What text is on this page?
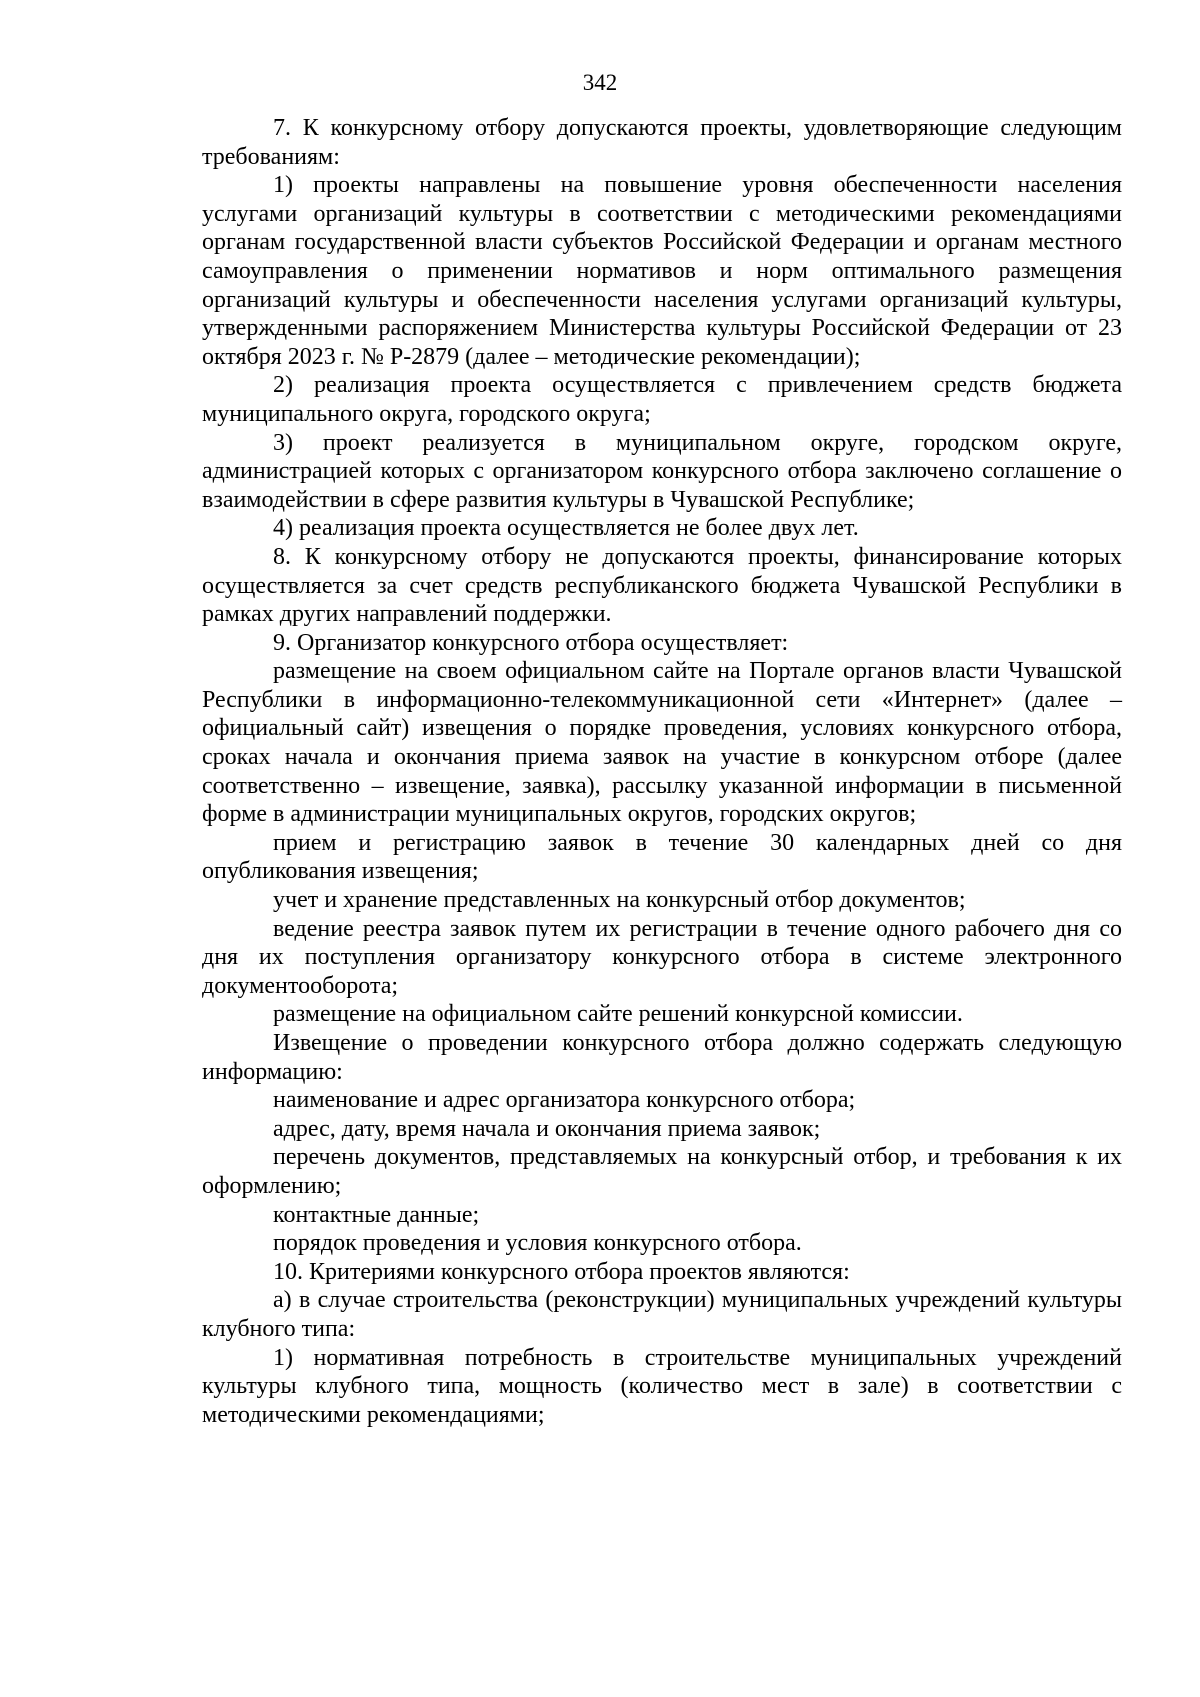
342

7. К конкурсному отбору допускаются проекты, удовлетворяющие следующим требованиям:

1) проекты направлены на повышение уровня обеспеченности населения услугами организаций культуры в соответствии с методическими рекомендациями органам государственной власти субъектов Российской Федерации и органам местного самоуправления о применении нормативов и норм оптимального размещения организаций культуры и обеспеченности населения услугами организаций культуры, утвержденными распоряжением Министерства культуры Российской Федерации от 23 октября 2023 г. № Р-2879 (далее – методические рекомендации);

2) реализация проекта осуществляется с привлечением средств бюджета муниципального округа, городского округа;

3) проект реализуется в муниципальном округе, городском округе, администрацией которых с организатором конкурсного отбора заключено соглашение о взаимодействии в сфере развития культуры в Чувашской Республике;

4) реализация проекта осуществляется не более двух лет.

8. К конкурсному отбору не допускаются проекты, финансирование которых осуществляется за счет средств республиканского бюджета Чувашской Республики в рамках других направлений поддержки.

9. Организатор конкурсного отбора осуществляет:

размещение на своем официальном сайте на Портале органов власти Чувашской Республики в информационно-телекоммуникационной сети «Интернет» (далее – официальный сайт) извещения о порядке проведения, условиях конкурсного отбора, сроках начала и окончания приема заявок на участие в конкурсном отборе (далее соответственно – извещение, заявка), рассылку указанной информации в письменной форме в администрации муниципальных округов, городских округов;

прием и регистрацию заявок в течение 30 календарных дней со дня опубликования извещения;

учет и хранение представленных на конкурсный отбор документов;

ведение реестра заявок путем их регистрации в течение одного рабочего дня со дня их поступления организатору конкурсного отбора в системе электронного документооборота;

размещение на официальном сайте решений конкурсной комиссии.

Извещение о проведении конкурсного отбора должно содержать следующую информацию:

наименование и адрес организатора конкурсного отбора;

адрес, дату, время начала и окончания приема заявок;

перечень документов, представляемых на конкурсный отбор, и требования к их оформлению;

контактные данные;

порядок проведения и условия конкурсного отбора.

10. Критериями конкурсного отбора проектов являются:

а) в случае строительства (реконструкции) муниципальных учреждений культуры клубного типа:

1) нормативная потребность в строительстве муниципальных учреждений культуры клубного типа, мощность (количество мест в зале) в соответствии с методическими рекомендациями;
